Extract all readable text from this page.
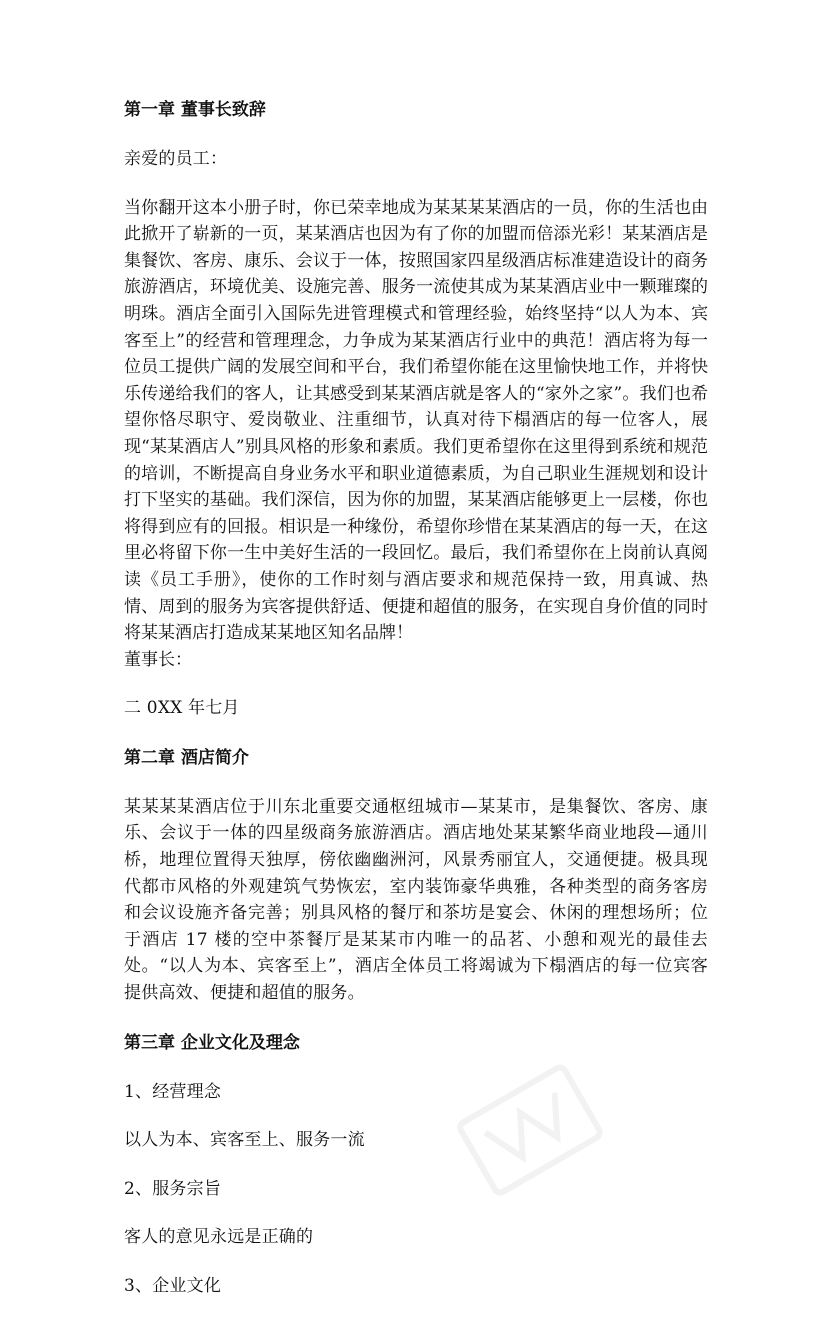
第一章 董事长致辞

亲爱的员工：

当你翻开这本小册子时，你已荣幸地成为某某某某酒店的一员，你的生活也由此掀开了崭新的一页，某某酒店也因为有了你的加盟而倍添光彩！某某酒店是集餐饮、客房、康乐、会议于一体，按照国家四星级酒店标准建造设计的商务旅游酒店，环境优美、设施完善、服务一流使其成为某某酒店业中一颗璀璨的明珠。酒店全面引入国际先进管理模式和管理经验，始终坚持“以人为本、宾客至上”的经营和管理理念，力争成为某某酒店行业中的典范！酒店将为每一位员工提供广阔的发展空间和平台，我们希望你能在这里愉快地工作，并将快乐传递给我们的客人，让其感受到某某酒店就是客人的“家外之家”。我们也希望你恪尽职守、爱岗敬业、注重细节，认真对待下榻酒店的每一位客人，展现“某某酒店人”别具风格的形象和素质。我们更希望你在这里得到系统和规范的培训，不断提高自身业务水平和职业道德素质，为自己职业生涯规划和设计打下坚实的基础。我们深信，因为你的加盟，某某酒店能够更上一层楼，你也将得到应有的回报。相识是一种缘份，希望你珍惜在某某酒店的每一天，在这里必将留下你一生中美好生活的一段回忆。最后，我们希望你在上岗前认真阅读《员工手册》，使你的工作时刻与酒店要求和规范保持一致，用真诚、热情、周到的服务为宾客提供舒适、便捷和超值的服务，在实现自身价值的同时将某某酒店打造成某某地区知名品牌！

董事长：

二 0XX 年七月

第二章 酒店简介

某某某某酒店位于川东北重要交通枢纽城市—某某市，是集餐饮、客房、康乐、会议于一体的四星级商务旅游酒店。酒店地处某某繁华商业地段—通川桥，地理位置得天独厚，傍依幽幽洲河，风景秀丽宜人，交通便捷。极具现代都市风格的外观建筑气势恢宏，室内装饰豪华典雅，各种类型的商务客房和会议设施齐备完善；别具风格的餐厅和茶坊是宴会、休闲的理想场所；位于酒店 17 楼的空中茶餐厅是某某市内唯一的品茗、小憩和观光的最佳去处。“以人为本、宾客至上”，酒店全体员工将竭诚为下榻酒店的每一位宾客提供高效、便捷和超值的服务。

第三章 企业文化及理念

1、经营理念

以人为本、宾客至上、服务一流

2、服务宗旨

客人的意见永远是正确的

3、企业文化
